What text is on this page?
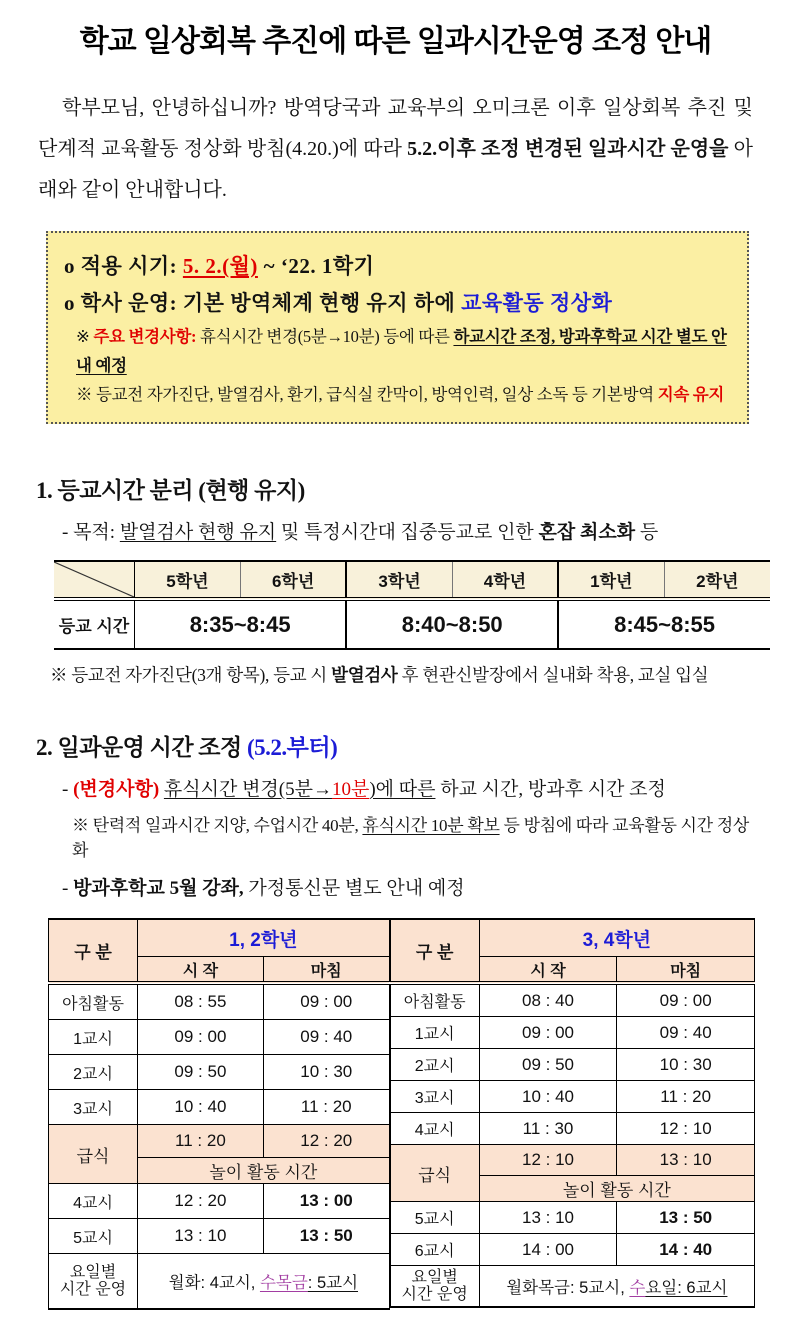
학교 일상회복 추진에 따른 일과시간운영 조정 안내

학부모님, 안녕하십니까? 방역당국과 교육부의 오미크론 이후 일상회복 추진 및 단계적 교육활동 정상화 방침(4.20.)에 따라 5.2.이후 조정 변경된 일과시간 운영을 아래와 같이 안내합니다.

o 적용 시기: 5. 2.(월) ~ ‘22. 1학기

o 학사 운영: 기본 방역체계 현행 유지 하에 교육활동 정상화

※ 주요 변경사항: 휴식시간 변경(5분→10분) 등에 따른 하교시간 조정, 방과후학교 시간 별도 안내 예정

※ 등교전 자가진단, 발열검사, 환기, 급식실 칸막이, 방역인력, 일상 소독 등 기본방역 지속 유지

1. 등교시간 분리 (현행 유지)

- 목적: 발열검사 현행 유지 및 특정시간대 집중등교로 인한 혼잡 최소화 등

	5학년	6학년	3학년	4학년	1학년	2학년
등교 시간	8:35~8:45		8:40~8:50		8:45~8:55	

※ 등교전 자가진단(3개 항목), 등교 시 발열검사 후 현관신발장에서 실내화 착용, 교실 입실

2. 일과운영 시간 조정 (5.2.부터)

- (변경사항) 휴식시간 변경(5분→10분)에 따른 하교 시간, 방과후 시간 조정

※ 탄력적 일과시간 지양, 수업시간 40분, 휴식시간 10분 확보 등 방침에 따라 교육활동 시간 정상화

- 방과후학교 5월 강좌, 가정통신문 별도 안내 예정

구 분	1, 2학년	
	시 작	마침
아침활동	08 : 55	09 : 00
1교시	09 : 00	09 : 40
2교시	09 : 50	10 : 30
3교시	10 : 40	11 : 20
급식	11 : 20	12 : 20
	놀이 활동 시간	
4교시	12 : 20	13 : 00
5교시	13 : 10	13 : 50

요일별
시간 운영	월화: 4교시, 수목금: 5교시	
구 분	3, 4학년	
	시 작	마침
아침활동	08 : 40	09 : 00
1교시	09 : 00	09 : 40
2교시	09 : 50	10 : 30
3교시	10 : 40	11 : 20
4교시	11 : 30	12 : 10
급식	12 : 10	13 : 10
	놀이 활동 시간	
5교시	13 : 10	13 : 50
6교시	14 : 00	14 : 40

요일별
시간 운영	월화목금: 5교시, 수요일: 6교시	
